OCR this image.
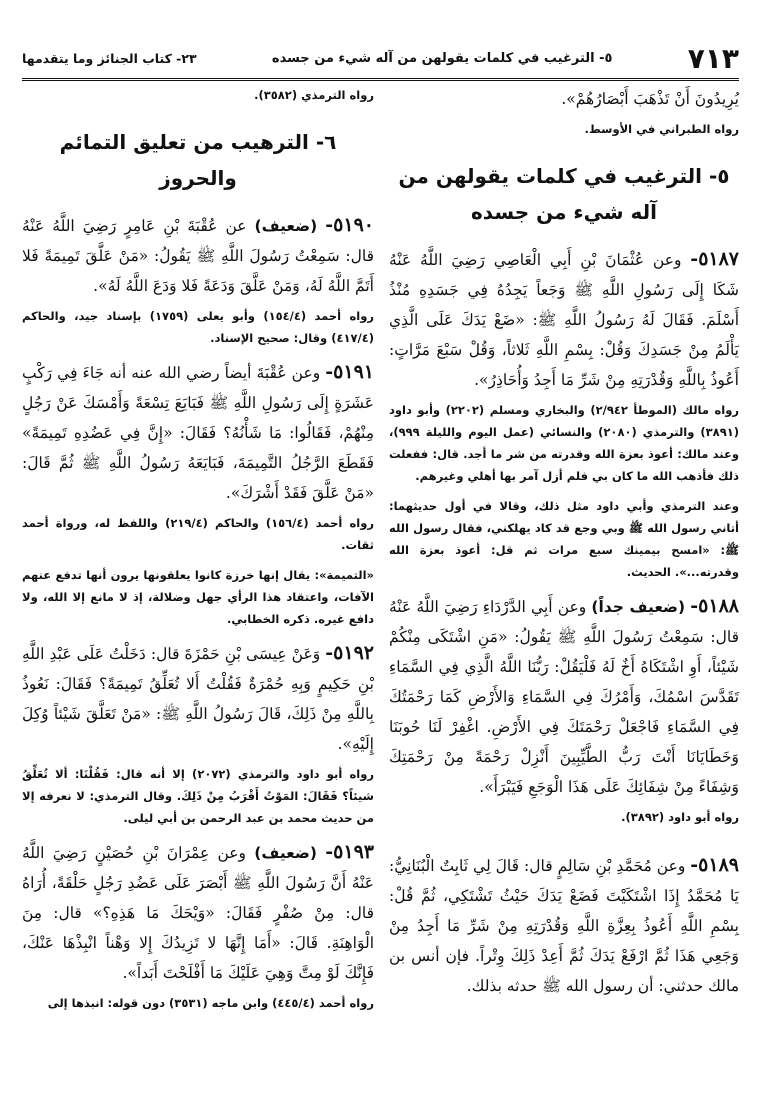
٧١٣
٥- الترغيب في كلمات يقولهن من آله شيء من جسده
٢٣- كتاب الجنائز وما يتقدمها

يُرِيدُونَ أَنْ تَذْهَبَ أَبْصَارُهُمْ».

رواه الطبراني في الأوسط.

٥- الترغيب في كلمات يقولهن من آله شيء من جسده

٥١٨٧- وعن عُثْمَانَ بْنِ أَبِي الْعَاصِي رَضِيَ اللَّهُ عَنْهُ شَكَا إِلَى رَسُولِ اللَّهِ ﷺ وَجَعاً يَجِدُهُ فِي جَسَدِهِ مُنْذُ أَسْلَمَ. فَقَالَ لَهُ رَسُولُ اللَّهِ ﷺ: «ضَعْ يَدَكَ عَلَى الَّذِي يَأْلَمُ مِنْ جَسَدِكَ وَقُلْ: بِسْمِ اللَّهِ ثَلاثاً، وَقُلْ سَبْعَ مَرَّاتٍ: أَعُوذُ بِاللَّهِ وَقُدْرَتِهِ مِنْ شَرِّ مَا أَجِدُ وَأُحَاذِرُ».

رواه مالك (الموطأ ٢/٩٤٢) والبخاري ومسلم (٢٢٠٢) وأبو داود (٣٨٩١) والترمذي (٢٠٨٠) والنسائي (عمل اليوم والليلة ٩٩٩)، وعند مالك: أعوذ بعزة الله وقدرته من شر ما أجد. قال: ففعلت ذلك فأذهب الله ما كان بي فلم أزل آمر بها أهلي وغيرهم.

وعند الترمذي وأبي داود مثل ذلك، وقالا في أول حديثهما: أتاني رسول الله ﷺ وبي وجع قد كاد يهلكني، فقال رسول الله ﷺ: «امسح بيمينك سبع مرات ثم قل: أعوذ بعزة الله وقدرته...». الحديث.

٥١٨٨- (ضعيف جداً) وعن أَبِي الدَّرْدَاءِ رَضِيَ اللَّهُ عَنْهُ قال: سَمِعْتُ رَسُولَ اللَّهِ ﷺ يَقُولُ: «مَنِ اشْتَكَى مِنْكُمْ شَيْئاً، أَوِ اشْتَكَاهُ أَخٌ لَهُ فَلْيَقُلْ: رَبُّنَا اللَّهُ الَّذِي فِي السَّمَاءِ تَقَدَّسَ اسْمُكَ، وَأَمْرُكَ فِي السَّمَاءِ وَالأَرْضِ كَمَا رَحْمَتُكَ فِي السَّمَاءِ فَاجْعَلْ رَحْمَتَكَ فِي الأَرْضِ. اغْفِرْ لَنَا حُوبَنَا وَخَطَايَانَا أَنْتَ رَبُّ الطَّيِّبِينَ أَنْزِلْ رَحْمَةً مِنْ رَحْمَتِكَ وَشِفَاءً مِنْ شِفَائِكَ عَلَى هَذَا الْوَجَعِ فَيَبْرَأَ».

رواه أبو داود (٣٨٩٢).

٥١٨٩- وعن مُحَمَّدِ بْنِ سَالِمٍ قال: قَالَ لِي ثَابِتٌ الْبُنَانِيُّ: يَا مُحَمَّدُ إِذَا اشْتَكَيْتَ فَضَعْ يَدَكَ حَيْثُ تَشْتَكِي، ثُمَّ قُلْ: بِسْمِ اللَّهِ أَعُوذُ بِعِزَّةِ اللَّهِ وَقُدْرَتِهِ مِنْ شَرِّ مَا أَجِدُ مِنْ وَجَعِي هَذَا ثُمَّ ارْفَعْ يَدَكَ ثُمَّ أَعِدْ ذَلِكَ وِتْراً. فإن أنس بن مالك حدثني: أن رسول الله ﷺ حدثه بذلك.

رواه الترمذي (٣٥٨٢).

٦- الترهيب من تعليق التمائم والحروز

٥١٩٠- (ضعيف) عن عُقْبَةَ بْنِ عَامِرٍ رَضِيَ اللَّهُ عَنْهُ قال: سَمِعْتُ رَسُولَ اللَّهِ ﷺ يَقُولُ: «مَنْ عَلَّقَ تَمِيمَةً فَلا أَتَمَّ اللَّهُ لَهُ، وَمَنْ عَلَّقَ وَدَعَةً فَلا وَدَعَ اللَّهُ لَهُ».

رواه أحمد (١٥٤/٤) وأبو يعلى (١٧٥٩) بإسناد جيد، والحاكم (٤١٧/٤) وقال: صحيح الإسناد.

٥١٩١- وعن عُقْبَةَ أيضاً رضي الله عنه أنه جَاءَ فِي رَكْبٍ عَشَرَةٍ إِلَى رَسُولِ اللَّهِ ﷺ فَبَايَعَ تِسْعَةً وَأَمْسَكَ عَنْ رَجُلٍ مِنْهُمْ، فَقَالُوا: مَا شَأْنُهُ؟ فَقَالَ: «إِنَّ فِي عَضُدِهِ تَمِيمَةً» فَقَطَعَ الرَّجُلُ التَّمِيمَةَ، فَبَايَعَهُ رَسُولُ اللَّهِ ﷺ ثُمَّ قَالَ: «مَنْ عَلَّقَ فَقَدْ أَشْرَكَ».

رواه أحمد (١٥٦/٤) والحاكم (٢١٩/٤) واللفظ له، ورواة أحمد ثقات.

«التميمة»: يقال إنها خرزة كانوا يعلقونها يرون أنها تدفع عنهم الآفات، واعتقاد هذا الرأي جهل وضلالة، إذ لا مانع إلا الله، ولا دافع غيره. ذكره الخطابي.

٥١٩٢- وَعَنْ عِيسَى بْنِ حَمْزَةَ قال: دَخَلْتُ عَلَى عَبْدِ اللَّهِ بْنِ حَكِيمٍ وَبِهِ حُمْرَةٌ فَقُلْتُ أَلا تُعَلِّقُ تَمِيمَةً؟ فَقَالَ: نَعُوذُ بِاللَّهِ مِنْ ذَلِكَ، قَالَ رَسُولُ اللَّهِ ﷺ: «مَنْ تَعَلَّقَ شَيْئاً وُكِلَ إِلَيْهِ».

رواه أبو داود والترمذي (٢٠٧٢) إلا أنه قال: فَقُلْنَا: ألا تُعَلِّقُ شيئاً؟ فَقَالَ: المَوْتُ أَقْرَبُ مِنْ ذَلِكَ. وقال الترمذي: لا نعرفه إلا من حديث محمد بن عبد الرحمن بن أبي ليلى.

٥١٩٣- (ضعيف) وعن عِمْرَانَ بْنِ حُصَيْنٍ رَضِيَ اللَّهُ عَنْهُ أَنَّ رَسُولَ اللَّهِ ﷺ أَبْصَرَ عَلَى عَضُدِ رَجُلٍ حَلْقَةً، أُرَاهُ قال: مِنْ صُفْرٍ فَقَالَ: «وَيْحَكَ مَا هَذِهِ؟» قال: مِنَ الْوَاهِنَةِ. قَالَ: «أَمَا إِنَّهَا لا تَزِيدُكَ إِلا وَهْناً انْبِذْهَا عَنْكَ، فَإِنَّكَ لَوْ مِتَّ وَهِيَ عَلَيْكَ مَا أَفْلَحْتَ أَبَداً».

رواه أحمد (٤٤٥/٤) وابن ماجه (٣٥٣١) دون قوله: انبذها إلى
